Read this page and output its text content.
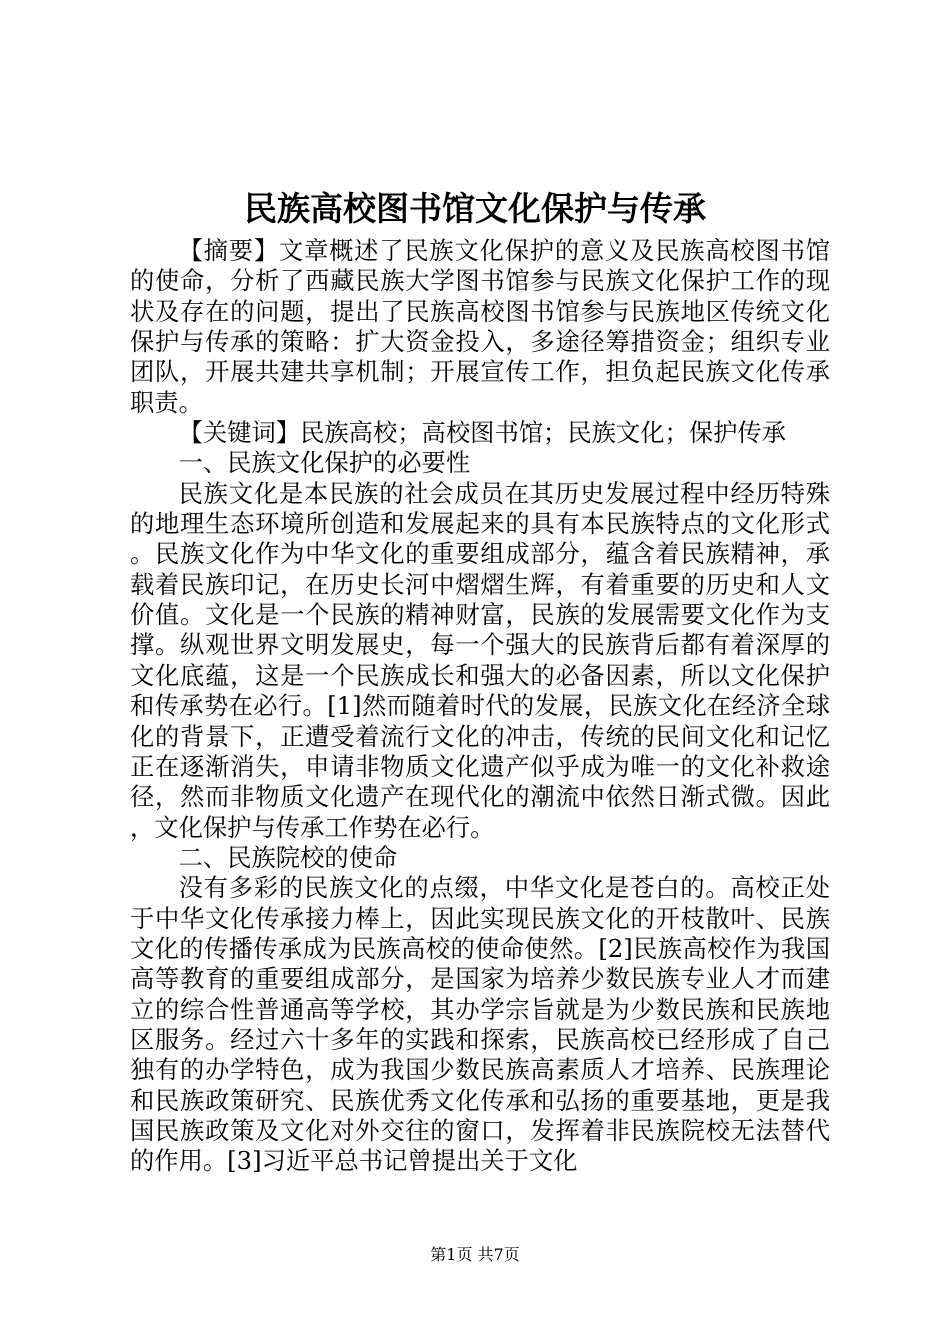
民族高校图书馆文化保护与传承

【摘要】文章概述了民族文化保护的意义及民族高校图书馆的使命，分析了西藏民族大学图书馆参与民族文化保护工作的现状及存在的问题，提出了民族高校图书馆参与民族地区传统文化保护与传承的策略：扩大资金投入，多途径筹措资金；组织专业团队，开展共建共享机制；开展宣传工作，担负起民族文化传承职责。

【关键词】民族高校；高校图书馆；民族文化；保护传承

一、民族文化保护的必要性

民族文化是本民族的社会成员在其历史发展过程中经历特殊的地理生态环境所创造和发展起来的具有本民族特点的文化形式。民族文化作为中华文化的重要组成部分，蕴含着民族精神，承载着民族印记，在历史长河中熠熠生辉，有着重要的历史和人文价值。文化是一个民族的精神财富，民族的发展需要文化作为支撑。纵观世界文明发展史，每一个强大的民族背后都有着深厚的文化底蕴，这是一个民族成长和强大的必备因素，所以文化保护和传承势在必行。[1]然而随着时代的发展，民族文化在经济全球化的背景下，正遭受着流行文化的冲击，传统的民间文化和记忆正在逐渐消失，申请非物质文化遗产似乎成为唯一的文化补救途径，然而非物质文化遗产在现代化的潮流中依然日渐式微。因此，文化保护与传承工作势在必行。

二、民族院校的使命

没有多彩的民族文化的点缀，中华文化是苍白的。高校正处于中华文化传承接力棒上，因此实现民族文化的开枝散叶、民族文化的传播传承成为民族高校的使命使然。[2]民族高校作为我国高等教育的重要组成部分，是国家为培养少数民族专业人才而建立的综合性普通高等学校，其办学宗旨就是为少数民族和民族地区服务。经过六十多年的实践和探索，民族高校已经形成了自己独有的办学特色，成为我国少数民族高素质人才培养、民族理论和民族政策研究、民族优秀文化传承和弘扬的重要基地，更是我国民族政策及文化对外交往的窗口，发挥着非民族院校无法替代的作用。[3]习近平总书记曾提出关于文化

第1页 共7页
